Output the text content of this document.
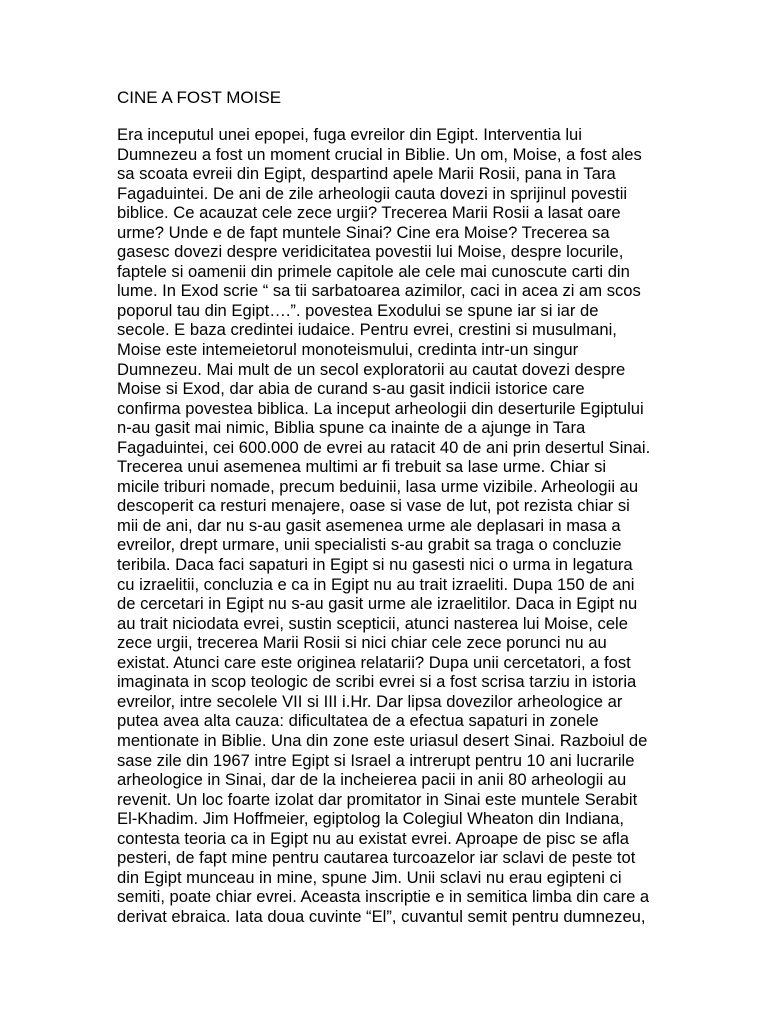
CINE A FOST MOISE
Era inceputul unei epopei, fuga evreilor din Egipt. Interventia lui
Dumnezeu a fost un moment crucial in Biblie. Un om, Moise, a fost ales
sa scoata evreii din Egipt, despartind apele Marii Rosii, pana in Tara
Fagaduintei. De ani de zile arheologii cauta dovezi in sprijinul povestii
biblice. Ce acauzat cele zece urgii? Trecerea Marii Rosii a lasat oare
urme? Unde e de fapt muntele Sinai? Cine era Moise? Trecerea sa
gasesc dovezi despre veridicitatea povestii lui Moise, despre locurile,
faptele si oamenii din primele capitole ale cele mai cunoscute carti din
lume. In Exod scrie “ sa tii sarbatoarea azimilor, caci in acea zi am scos
poporul tau din Egipt….”. povestea Exodului se spune iar si iar de
secole. E baza credintei iudaice. Pentru evrei, crestini si musulmani,
Moise este intemeietorul monoteismului, credinta intr-un singur
Dumnezeu. Mai mult de un secol exploratorii au cautat dovezi despre
Moise si Exod, dar abia de curand s-au gasit indicii istorice care
confirma povestea biblica. La inceput arheologii din deserturile Egiptului
n-au gasit mai nimic, Biblia spune ca inainte de a ajunge in Tara
Fagaduintei, cei 600.000 de evrei au ratacit 40 de ani prin desertul Sinai.
Trecerea unui asemenea multimi ar fi trebuit sa lase urme. Chiar si
micile triburi nomade, precum beduinii, lasa urme vizibile. Arheologii au
descoperit ca resturi menajere, oase si vase de lut, pot rezista chiar si
mii de ani, dar nu s-au gasit asemenea urme ale deplasari in masa a
evreilor, drept urmare, unii specialisti s-au grabit sa traga o concluzie
teribila. Daca faci sapaturi in Egipt si nu gasesti nici o urma in legatura
cu izraelitii, concluzia e ca in Egipt nu au trait izraeliti. Dupa 150 de ani
de cercetari in Egipt nu s-au gasit urme ale izraelitilor. Daca in Egipt nu
au trait niciodata evrei, sustin scepticii, atunci nasterea lui Moise, cele
zece urgii, trecerea Marii Rosii si nici chiar cele zece porunci nu au
existat. Atunci care este originea relatarii? Dupa unii cercetatori, a fost
imaginata in scop teologic de scribi evrei si a fost scrisa tarziu in istoria
evreilor, intre secolele VII si III i.Hr. Dar lipsa dovezilor arheologice ar
putea avea alta cauza: dificultatea de a efectua sapaturi in zonele
mentionate in Biblie. Una din zone este uriasul desert Sinai. Razboiul de
sase zile din 1967 intre Egipt si Israel a intrerupt pentru 10 ani lucrarile
arheologice in Sinai, dar de la incheierea pacii in anii 80 arheologii au
revenit. Un loc foarte izolat dar promitator in Sinai este muntele Serabit
El-Khadim. Jim Hoffmeier, egiptolog la Colegiul Wheaton din Indiana,
contesta teoria ca in Egipt nu au existat evrei. Aproape de pisc se afla
pesteri, de fapt mine pentru cautarea turcoazelor iar sclavi de peste tot
din Egipt munceau in mine, spune Jim. Unii sclavi nu erau egipteni ci
semiti, poate chiar evrei. Aceasta inscriptie e in semitica limba din care a
derivat ebraica. Iata doua cuvinte “El”, cuvantul semit pentru dumnezeu,
